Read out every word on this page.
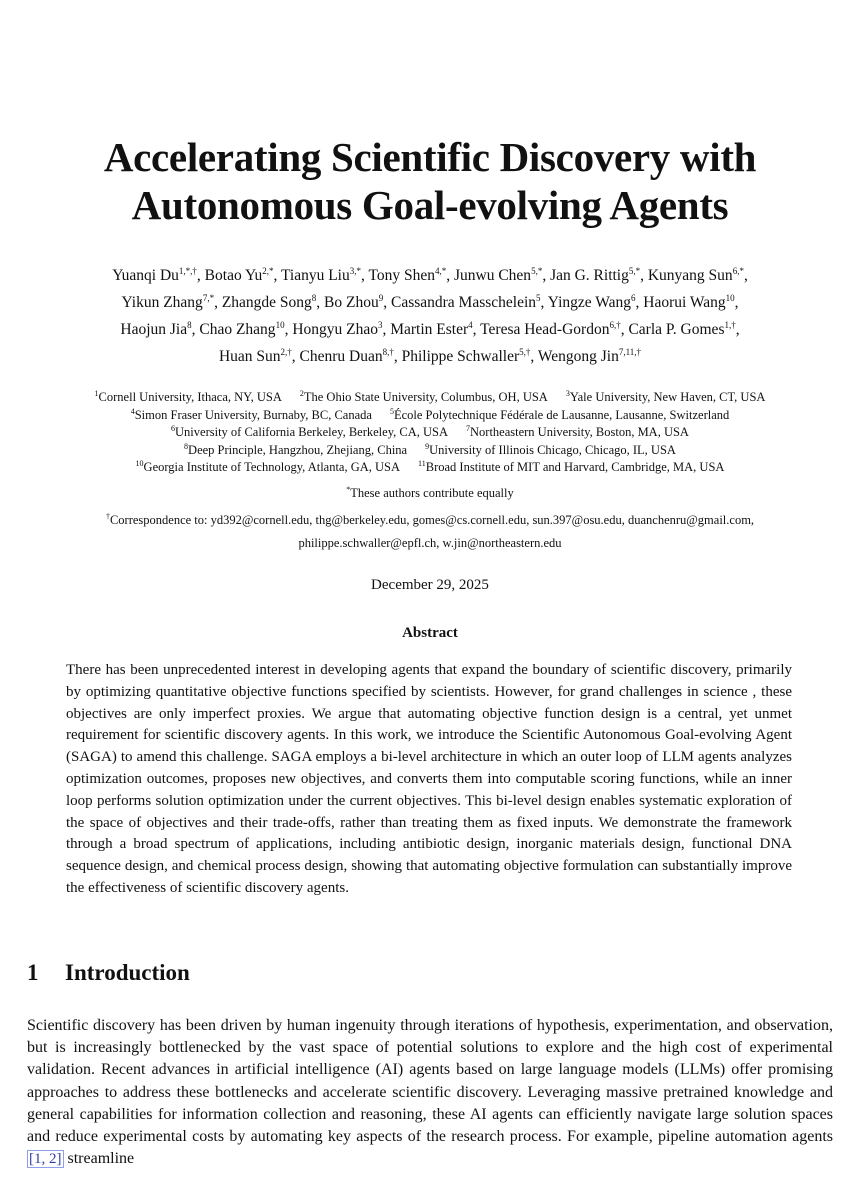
Accelerating Scientific Discovery with
Autonomous Goal-evolving Agents
Yuanqi $Du^{1,*,\dagger}$, Botao $Yu^{2,*}$, Tianyu Liu$^{3,*}$, Tony Shen$^{4,*}$, Junwu Chen$^{5,*}$, Jan G. Rittig$^{5,*}$, Kunyang Sun$^{6,*}$,
Yikun Zhang$^{7,*}$, Zhangde Song$^8$, Bo Zhou$^9$, Cassandra Masschelein$^5$, Yingze Wang$^6$, Haorui Wang$^{10}$,
Haojun Jia$^8$, Chao Zhang$^{10}$, Hongyu Zhao$^3$, Martin Ester$^4$, Teresa Head-Gordon$^{6,\dagger}$, Carla P. Gomes$^{1,\dagger}$,
Huan Sun$^{2,\dagger}$, Chenru Duan$^{8,\dagger}$, Philippe Schwaller$^{5,\dagger}$, Wengong Jin$^{7,11,\dagger}$
$^1$Cornell University, Ithaca, NY, USA $^2$The Ohio State University, Columbus, OH, USA $^3$Yale University, New Haven, CT, USA
$^4$Simon Fraser University, Burnaby, BC, Canada $^5$École Polytechnique Fédérale de Lausanne, Lausanne, Switzerland
$^6$University of California Berkeley, Berkeley, CA, USA $^7$Northeastern University, Boston, MA, USA
$^8$Deep Principle, Hangzhou, Zhejiang, China $^9$University of Illinois Chicago, Chicago, IL, USA
$^{10}$Georgia Institute of Technology, Atlanta, GA, USA $^{11}$Broad Institute of MIT and Harvard, Cambridge, MA, USA
*These authors contribute equally
†Correspondence to: yd392@cornell.edu, thg@berkeley.edu, gomes@cs.cornell.edu, sun.397@osu.edu, duanchenru@gmail.com,
philippe.schwaller@epfl.ch, w.jin@northeastern.edu
December 29, 2025
Abstract

There has been unprecedented interest in developing agents that expand the boundary of scientific discovery, primarily by optimizing quantitative objective functions specified by scientists. However, for grand challenges in science , these objectives are only imperfect proxies. We argue that automating objective function design is a central, yet unmet requirement for scientific discovery agents. In this work, we introduce the Scientific Autonomous Goal-evolving Agent (SAGA) to amend this challenge. SAGA employs a bi-level architecture in which an outer loop of LLM agents analyzes optimization outcomes, proposes new objectives, and converts them into computable scoring functions, while an inner loop performs solution optimization under the current objectives. This bi-level design enables systematic exploration of the space of objectives and their trade-offs, rather than treating them as fixed inputs. We demonstrate the framework through a broad spectrum of applications, including antibiotic design, inorganic materials design, functional DNA sequence design, and chemical process design, showing that automating objective formulation can substantially improve the effectiveness of scientific discovery agents.

1 Introduction

Scientific discovery has been driven by human ingenuity through iterations of hypothesis, experimentation, and observation, but is increasingly bottlenecked by the vast space of potential solutions to explore and the high cost of experimental validation. Recent advances in artificial intelligence (AI) agents based on large language models (LLMs) offer promising approaches to address these bottlenecks and accelerate scientific discovery. Leveraging massive pretrained knowledge and general capabilities for information collection and reasoning, these AI agents can efficiently navigate large solution spaces and reduce experimental costs by automating key aspects of the research process. For example, pipeline automation agents [1, 2] streamline
